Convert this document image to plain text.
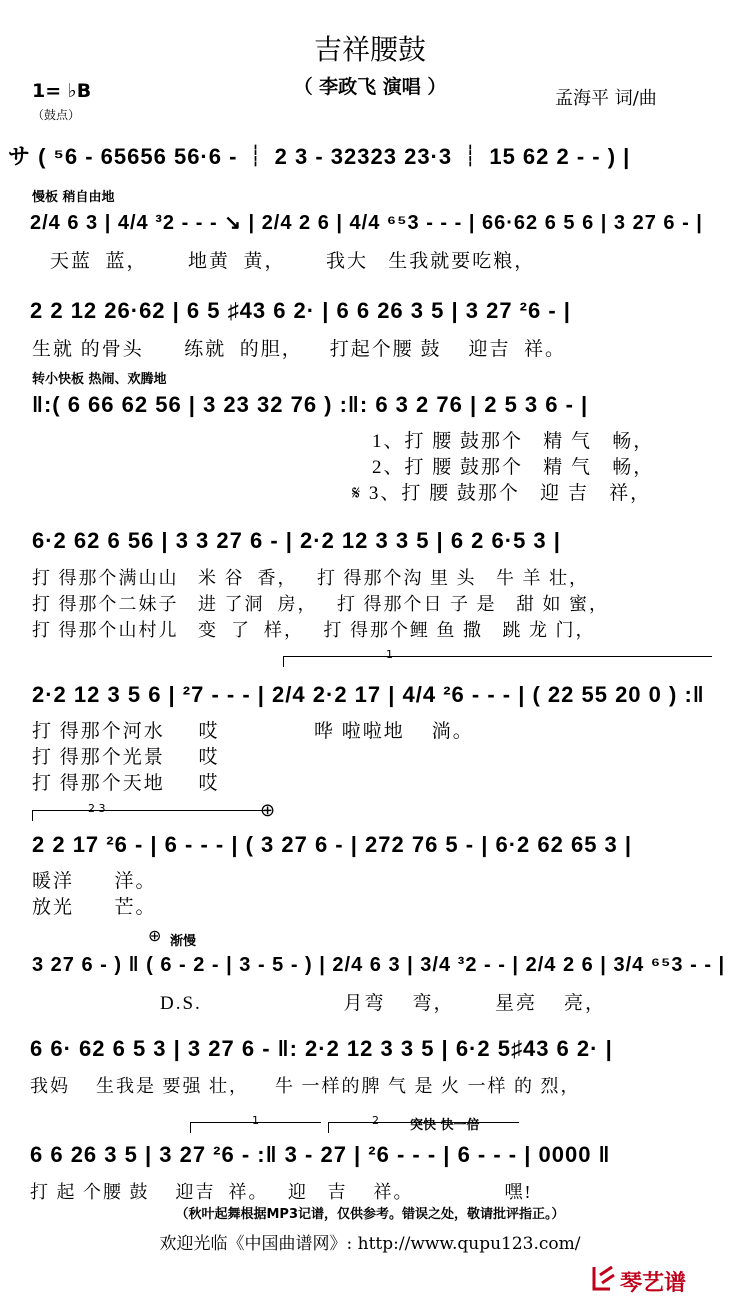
吉祥腰鼓
（ 李政飞 演唱 ）
孟海平 词/曲
1= ♭B
（鼓点）
サ ( ⁵6 - 65656 56·6 - ┊ 2 3 - 32323 23·3 ┊ 15 62 2 - - ) |
慢板 稍自由地
2/4 6 3 | 4/4 ³2 - - - ↘ | 2/4 2 6 | 4/4 ⁶⁵3 - - - | 66·62 6 5 6 | 3 27 6 - |
天蓝  蓝，      地黄  黄，      我大   生我就要吃粮，
2 2 12 26·62 | 6 5 ♯43 6 2· | 6 6 26 3 5 | 3 27 ²6 - |
生就 的骨头      练就  的胆，    打起个腰 鼓    迎吉  祥。
转小快板 热闹、欢腾地
‖:( 6 66 62 56 | 3 23 32 76 ) :‖: 6 3 2 76 | 2 5 3 6 - |
1、打 腰 鼓那个   精 气   畅，
2、打 腰 鼓那个   精 气   畅，
𝄋 3、打 腰 鼓那个   迎 吉   祥，
6·2 62 6 56 | 3 3 27 6 - | 2·2 12 3 3 5 | 6 2 6·5 3 |
打 得那个满山山   米 谷  香，   打 得那个沟 里 头   牛 羊 壮，
打 得那个二妹子   进 了洞  房，   打 得那个日 子 是   甜 如 蜜，
打 得那个山村儿   变  了  样，   打 得那个鲤 鱼 撒   跳 龙 门，
1
2·2 12 3 5 6 | ²7 - - - | 2/4 2·2 17 | 4/4 ²6 - - - | ( 22 55 20 0 ) :‖
打 得那个河水     哎              哗 啦啦地    淌。
打 得那个光景     哎
打 得那个天地     哎
2 3	⊕
2 2 17 ²6 - | 6 - - - | ( 3 27 6 - | 272 76 5 - | 6·2 62 65 3 |
暖洋      洋。
放光      芒。
⊕ 渐慢
3 27 6 - ) ‖ ( 6 - 2 - | 3 - 5 - ) | 2/4 6 3 | 3/4 ³2 - - | 2/4 2 6 | 3/4 ⁶⁵3 - - |
D.S.                     月弯    弯，      星亮    亮，
6 6· 62 6 5 3 | 3 27 6 - ‖: 2·2 12 3 3 5 | 6·2 5♯43 6 2· |
我妈    生我是 要强 壮，    牛 一样的脾 气 是 火 一样 的 烈，
1	2 突快 快一倍
6 6 26 3 5 | 3 27 ²6 - :‖ 3 - 27 | ²6 - - - | 6 - - - | 0000 ‖
打 起 个腰 鼓    迎吉  祥。   迎   吉    祥。              嘿!
（秋叶起舞根据MP3记谱，仅供参考。错误之处，敬请批评指正。）
欢迎光临《中国曲谱网》: http://www.qupu123.com/
琴艺谱
